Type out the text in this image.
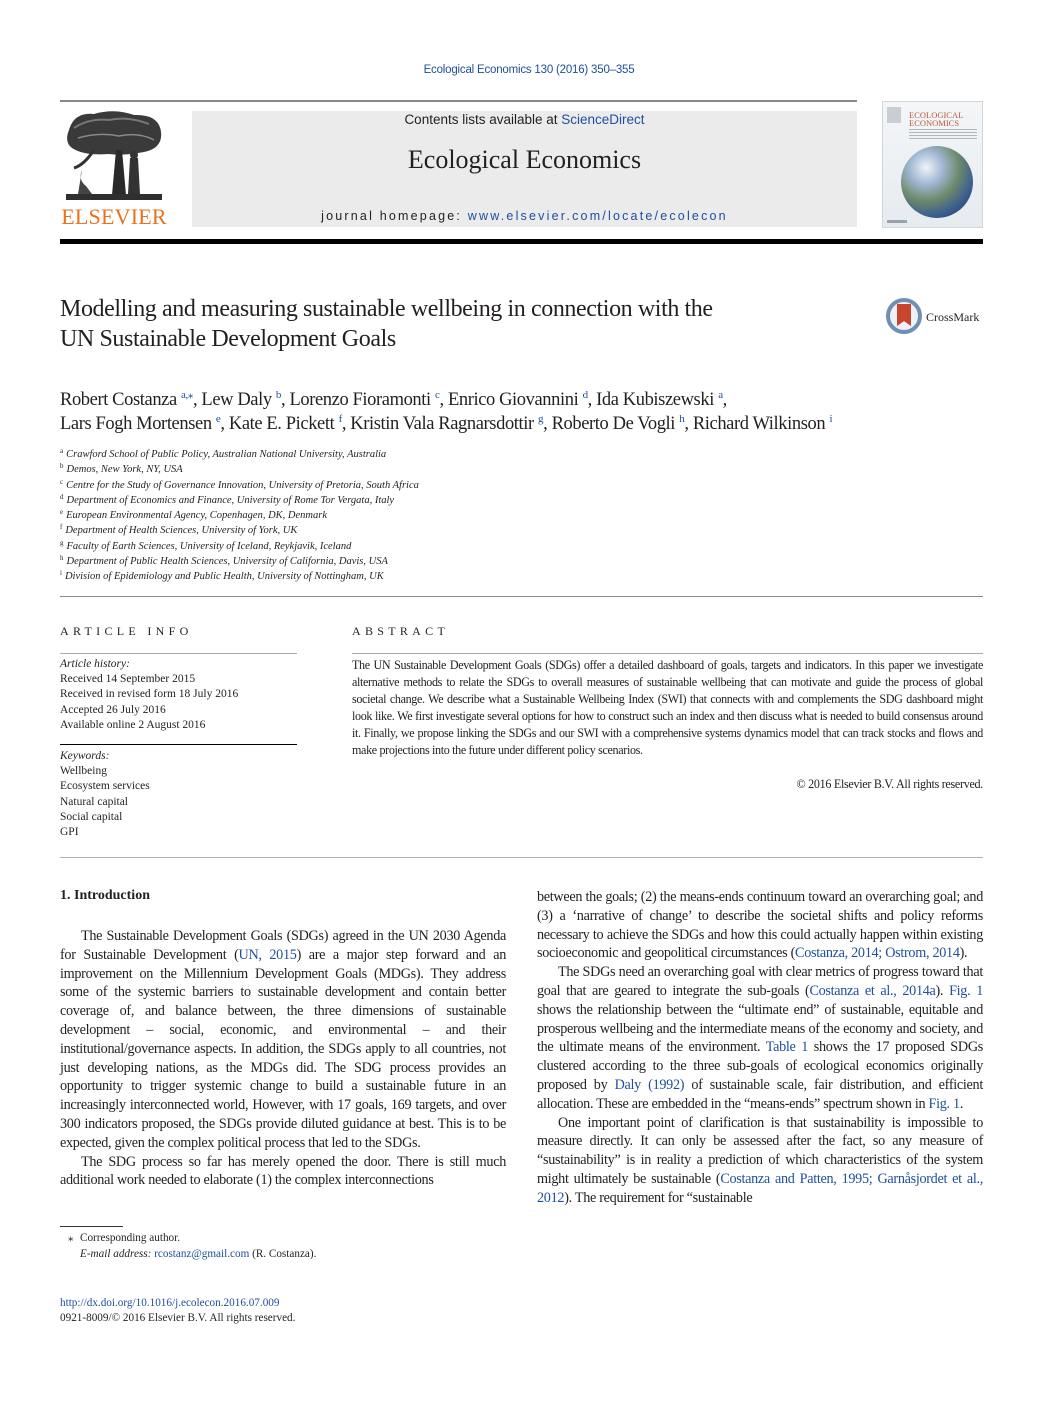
Ecological Economics 130 (2016) 350–355
ELSEVIER
Contents lists available at ScienceDirect
Ecological Economics
journal homepage: www.elsevier.com/locate/ecolecon
ECOLOGICAL
ECONOMICS
Modelling and measuring sustainable wellbeing in connection with the
UN Sustainable Development Goals
CrossMark
Robert Costanza $^{a,⁎}$, Lew Daly $^b$, Lorenzo Fioramonti $^c$, Enrico Giovannini $^d$, Ida Kubiszewski $^a$,
Lars Fogh Mortensen $^e$, Kate E. Pickett $^f$, Kristin Vala Ragnarsdottir $^g$, Roberto De Vogli $^h$, Richard Wilkinson $^i$
$^a$ Crawford School of Public Policy, Australian National University, Australia
$^b$ Demos, New York, NY, USA
$^c$ Centre for the Study of Governance Innovation, University of Pretoria, South Africa
$^d$ Department of Economics and Finance, University of Rome Tor Vergata, Italy
$^e$ European Environmental Agency, Copenhagen, DK, Denmark
$^f$ Department of Health Sciences, University of York, UK
$^g$ Faculty of Earth Sciences, University of Iceland, Reykjavik, Iceland
$^h$ Department of Public Health Sciences, University of California, Davis, USA
$^i$ Division of Epidemiology and Public Health, University of Nottingham, UK
ARTICLE INFO
Article history:
Received 14 September 2015
Received in revised form 18 July 2016
Accepted 26 July 2016
Available online 2 August 2016
Keywords:
Wellbeing
Ecosystem services
Natural capital
Social capital
GPI
ABSTRACT

The UN Sustainable Development Goals (SDGs) offer a detailed dashboard of goals, targets and indicators. In this paper we investigate alternative methods to relate the SDGs to overall measures of sustainable wellbeing that can motivate and guide the process of global societal change. We describe what a Sustainable Wellbeing Index (SWI) that connects with and complements the SDG dashboard might look like. We first investigate several options for how to construct such an index and then discuss what is needed to build consensus around it. Finally, we propose linking the SDGs and our SWI with a comprehensive systems dynamics model that can track stocks and flows and make projections into the future under different policy scenarios.

© 2016 Elsevier B.V. All rights reserved.

1. Introduction

The Sustainable Development Goals (SDGs) agreed in the UN 2030 Agenda for Sustainable Development (UN, 2015) are a major step forward and an improvement on the Millennium Development Goals (MDGs). They address some of the systemic barriers to sustainable development and contain better coverage of, and balance between, the three dimensions of sustainable development – social, economic, and environmental – and their institutional/governance aspects. In addition, the SDGs apply to all countries, not just developing nations, as the MDGs did. The SDG process provides an opportunity to trigger systemic change to build a sustainable future in an increasingly interconnected world, However, with 17 goals, 169 targets, and over 300 indicators proposed, the SDGs provide diluted guidance at best. This is to be expected, given the complex political process that led to the SDGs.

The SDG process so far has merely opened the door. There is still much additional work needed to elaborate (1) the complex interconnections

between the goals; (2) the means-ends continuum toward an overarching goal; and (3) a ‘narrative of change’ to describe the societal shifts and policy reforms necessary to achieve the SDGs and how this could actually happen within existing socioeconomic and geopolitical circumstances (Costanza, 2014; Ostrom, 2014).

The SDGs need an overarching goal with clear metrics of progress toward that goal that are geared to integrate the sub-goals (Costanza et al., 2014a). Fig. 1 shows the relationship between the “ultimate end” of sustainable, equitable and prosperous wellbeing and the intermediate means of the economy and society, and the ultimate means of the environment. Table 1 shows the 17 proposed SDGs clustered according to the three sub-goals of ecological economics originally proposed by Daly (1992) of sustainable scale, fair distribution, and efficient allocation. These are embedded in the “means-ends” spectrum shown in Fig. 1.

One important point of clarification is that sustainability is impossible to measure directly. It can only be assessed after the fact, so any measure of “sustainability” is in reality a prediction of which characteristics of the system might ultimately be sustainable (Costanza and Patten, 1995; Garnåsjordet et al., 2012). The requirement for “sustainable

⁎ Corresponding author.
E-mail address: rcostanz@gmail.com (R. Costanza).
http://dx.doi.org/10.1016/j.ecolecon.2016.07.009
0921-8009/© 2016 Elsevier B.V. All rights reserved.
